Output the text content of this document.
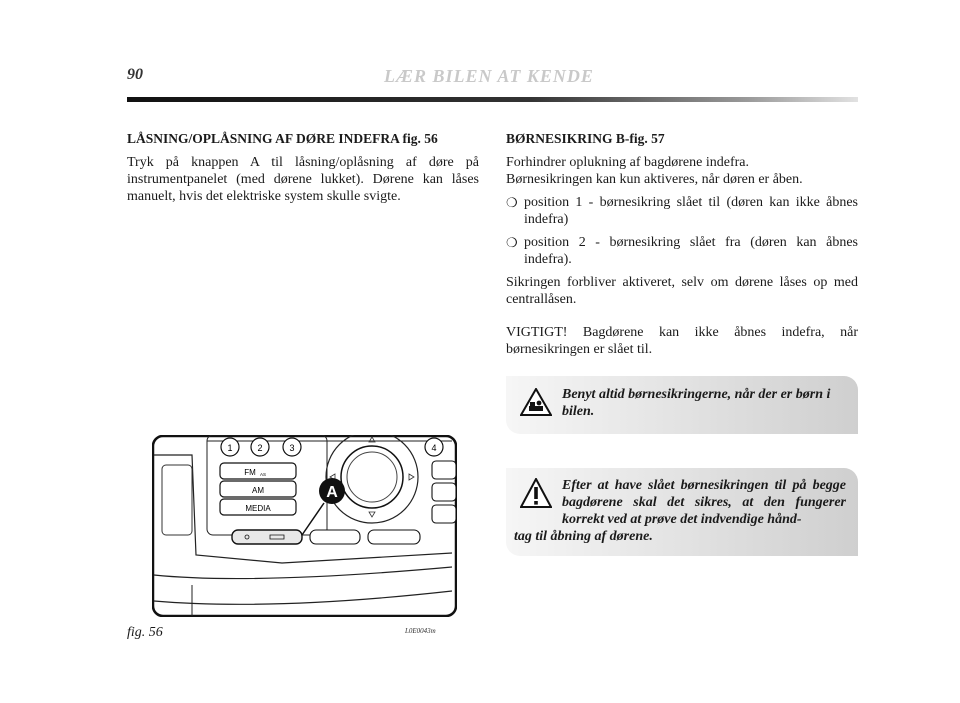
90	LÆR BILEN AT KENDE

LÅSNING/OPLÅSNING AF DØRE INDEFRA fig. 56

Tryk på knappen A til låsning/oplåsning af døre på instrumentpanelet (med dørene lukket). Dørene kan låses manuelt, hvis det elektriske system skulle svigte.

BØRNESIKRING B-fig. 57

Forhindrer oplukning af bagdørene indefra.

Børnesikringen kan kun aktiveres, når døren er åben.

❍ position 1 - børnesikring slået til (døren kan ikke åbnes indefra)
❍ position 2 - børnesikring slået fra (døren kan åbnes indefra).

Sikringen forbliver aktiveret, selv om dørene låses op med centrallåsen.

VIGTIGT! Bagdørene kan ikke åbnes indefra, når børnesikringen er slået til.

Benyt altid børnesikringerne, når der er børn i bilen.
Efter at have slået børnesikringen til på begge bagdørene skal det sikres, at den fungerer korrekt ved at prøve det indvendige hånd-
tag til åbning af dørene.
1	2	3	4
FM AS
AM
MEDIA
A
fig. 56	L0E0043m
